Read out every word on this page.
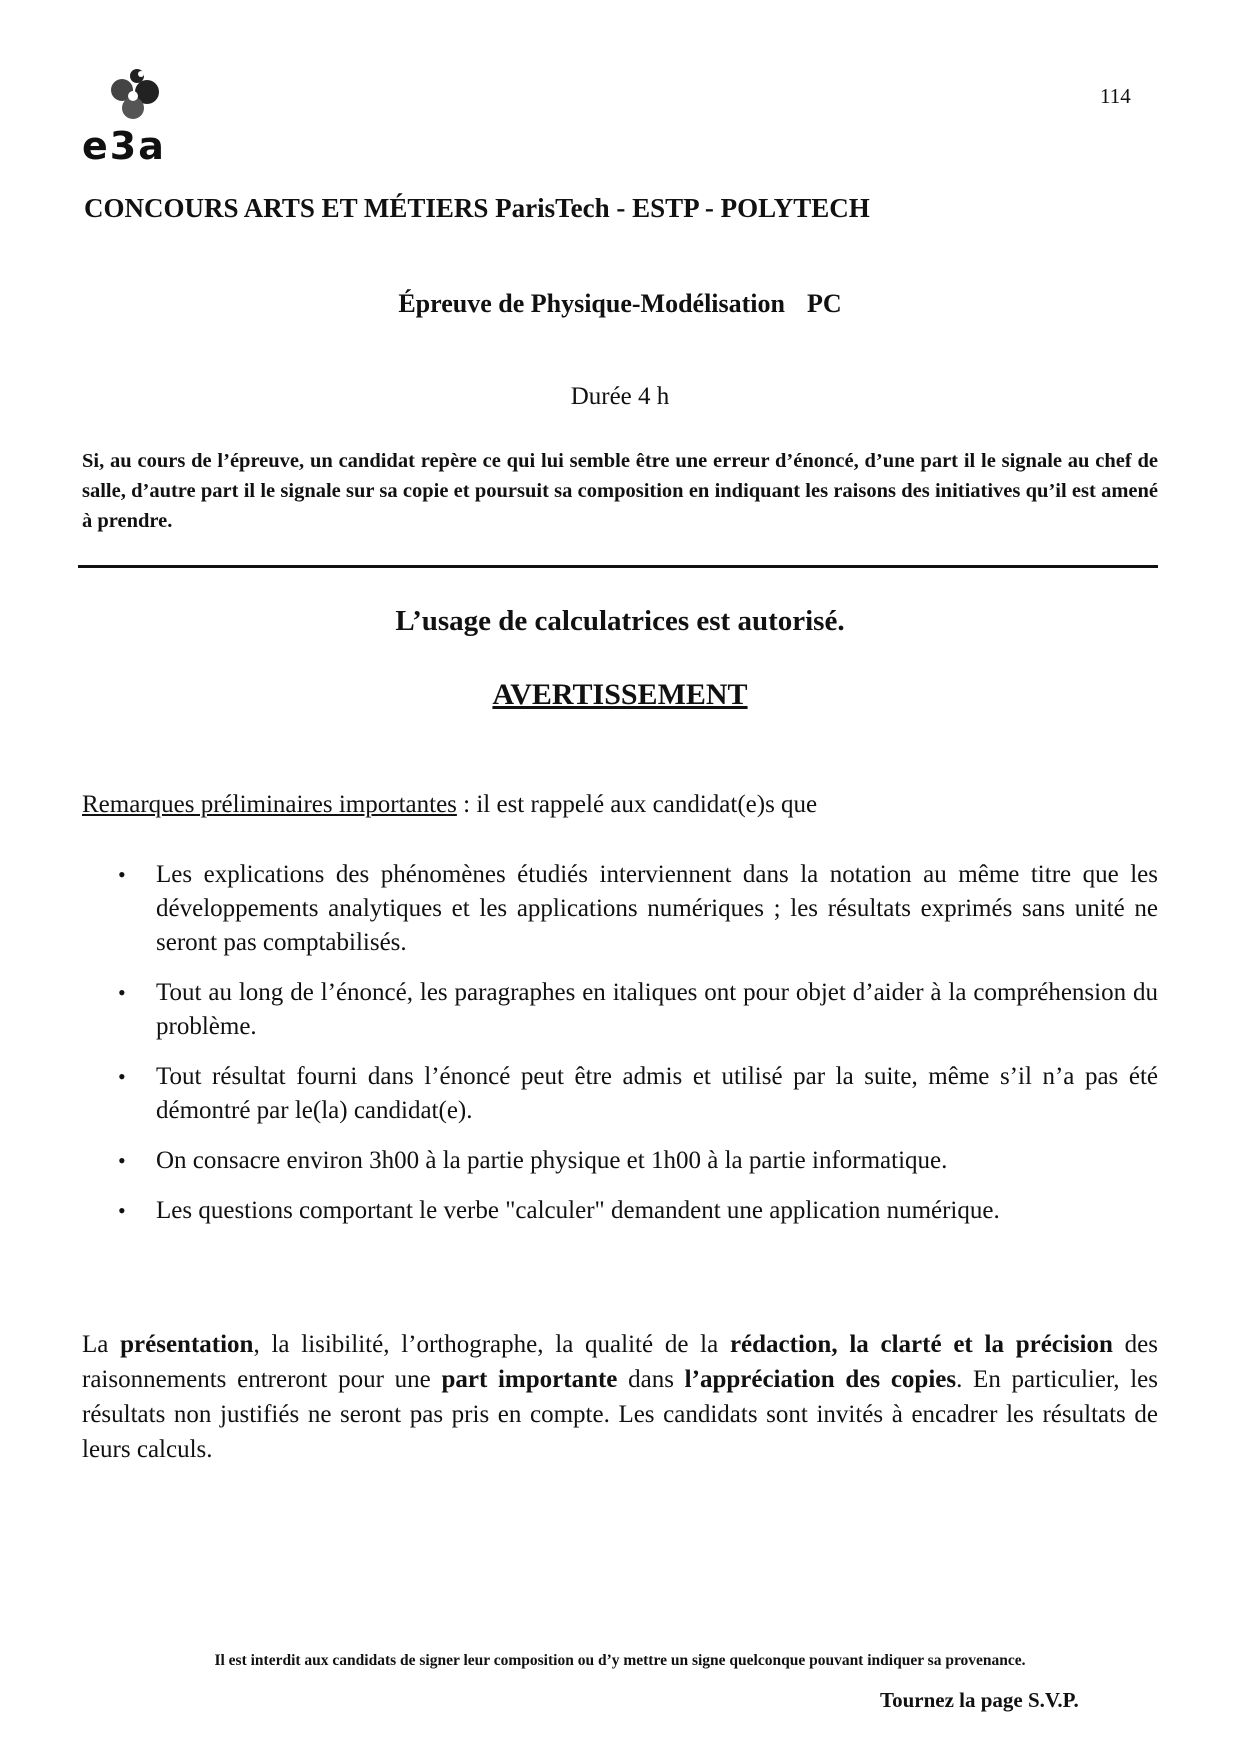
e3a
114
CONCOURS ARTS ET MÉTIERS ParisTech - ESTP - POLYTECH
Épreuve de Physique-Modélisation PC
Durée 4 h
Si, au cours de l’épreuve, un candidat repère ce qui lui semble être une erreur d’énoncé, d’une part il le signale au chef de salle, d’autre part il le signale sur sa copie et poursuit sa composition en indiquant les raisons des initiatives qu’il est amené à prendre.
L’usage de calculatrices est autorisé.
AVERTISSEMENT
Remarques préliminaires importantes : il est rappelé aux candidat(e)s que
• Les explications des phénomènes étudiés interviennent dans la notation au même titre que les développements analytiques et les applications numériques ; les résultats exprimés sans unité ne seront pas comptabilisés.
• Tout au long de l’énoncé, les paragraphes en italiques ont pour objet d’aider à la compréhension du problème.
• Tout résultat fourni dans l’énoncé peut être admis et utilisé par la suite, même s’il n’a pas été démontré par le(la) candidat(e).
• On consacre environ 3h00 à la partie physique et 1h00 à la partie informatique.
• Les questions comportant le verbe "calculer" demandent une application numérique.
La présentation, la lisibilité, l’orthographe, la qualité de la rédaction, la clarté et la précision des raisonnements entreront pour une part importante dans l’appréciation des copies. En particulier, les résultats non justifiés ne seront pas pris en compte. Les candidats sont invités à encadrer les résultats de leurs calculs.
Il est interdit aux candidats de signer leur composition ou d’y mettre un signe quelconque pouvant indiquer sa provenance.
Tournez la page S.V.P.
